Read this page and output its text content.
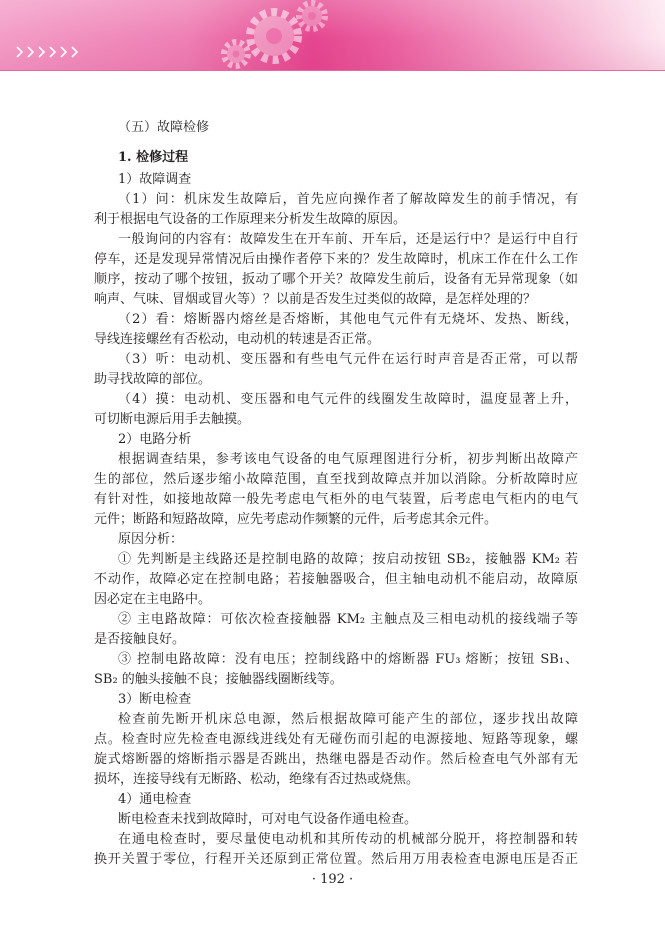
（五）故障检修
1. 检修过程
1）故障调查
（1）问：机床发生故障后，首先应向操作者了解故障发生的前手情况，有
利于根据电气设备的工作原理来分析发生故障的原因。
一般询问的内容有：故障发生在开车前、开车后，还是运行中？是运行中自行
停车，还是发现异常情况后由操作者停下来的？发生故障时，机床工作在什么工作
顺序，按动了哪个按钮，扳动了哪个开关？故障发生前后，设备有无异常现象（如
响声、气味、冒烟或冒火等）？以前是否发生过类似的故障，是怎样处理的？
（2）看：熔断器内熔丝是否熔断，其他电气元件有无烧坏、发热、断线，
导线连接螺丝有否松动，电动机的转速是否正常。
（3）听：电动机、变压器和有些电气元件在运行时声音是否正常，可以帮
助寻找故障的部位。
（4）摸：电动机、变压器和电气元件的线圈发生故障时，温度显著上升，
可切断电源后用手去触摸。
2）电路分析
根据调查结果，参考该电气设备的电气原理图进行分析，初步判断出故障产
生的部位，然后逐步缩小故障范围，直至找到故障点并加以消除。分析故障时应
有针对性，如接地故障一般先考虑电气柜外的电气装置，后考虑电气柜内的电气
元件；断路和短路故障，应先考虑动作频繁的元件，后考虑其余元件。
原因分析：
① 先判断是主线路还是控制电路的故障；按启动按钮 SB₂，接触器 KM₂ 若
不动作，故障必定在控制电路；若接触器吸合，但主轴电动机不能启动，故障原
因必定在主电路中。
② 主电路故障：可依次检查接触器 KM₂ 主触点及三相电动机的接线端子等
是否接触良好。
③ 控制电路故障：没有电压；控制线路中的熔断器 FU₃ 熔断；按钮 SB₁、
SB₂ 的触头接触不良；接触器线圈断线等。
3）断电检查
检查前先断开机床总电源，然后根据故障可能产生的部位，逐步找出故障
点。检查时应先检查电源线进线处有无碰伤而引起的电源接地、短路等现象，螺
旋式熔断器的熔断指示器是否跳出，热继电器是否动作。然后检查电气外部有无
损坏，连接导线有无断路、松动，绝缘有否过热或烧焦。
4）通电检查
断电检查未找到故障时，可对电气设备作通电检查。
在通电检查时，要尽量使电动机和其所传动的机械部分脱开，将控制器和转
换开关置于零位，行程开关还原到正常位置。然后用万用表检查电源电压是否正
· 192 ·
